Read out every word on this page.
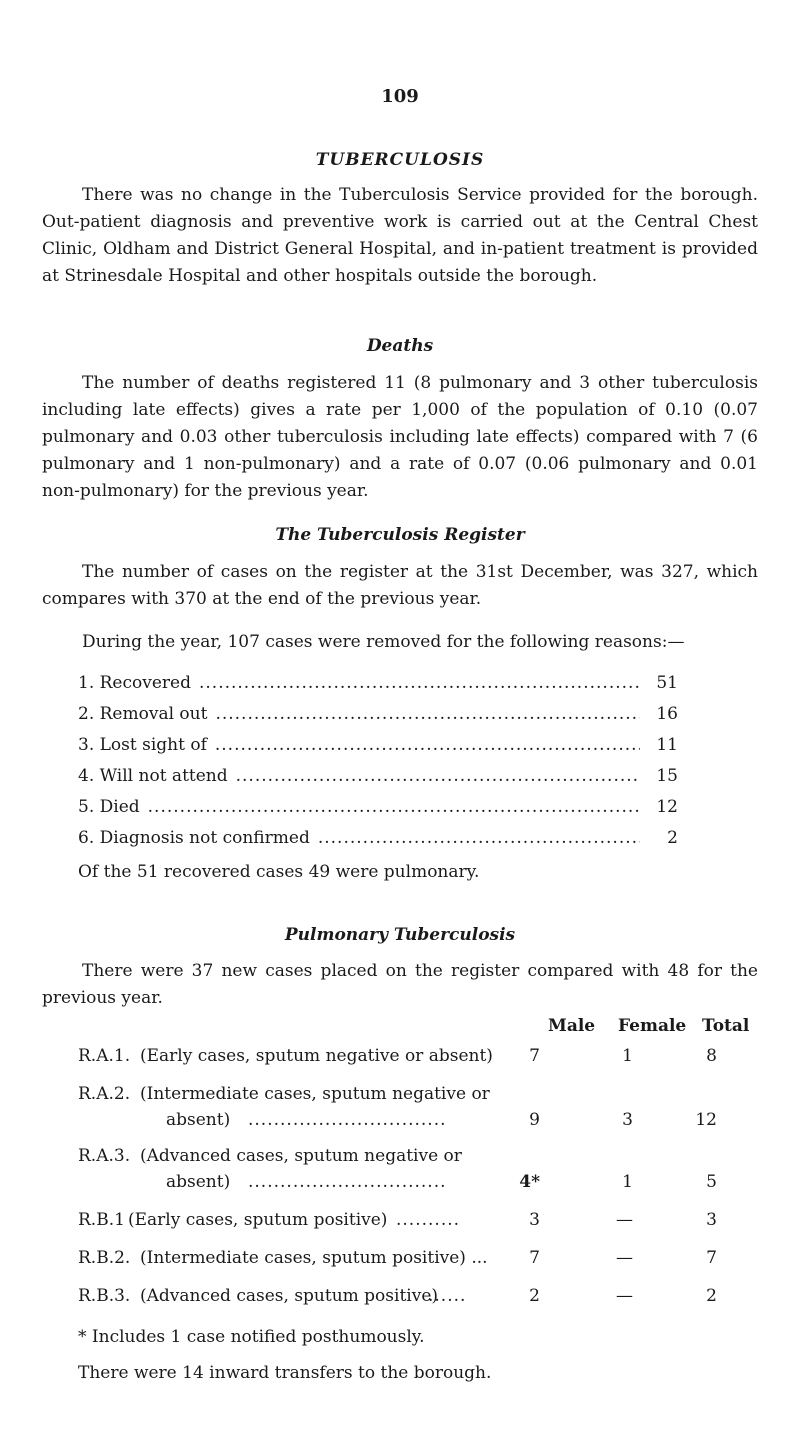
109
TUBERCULOSIS

There was no change in the Tuberculosis Service provided for the borough. Out-patient diagnosis and preventive work is carried out at the Central Chest Clinic, Oldham and District General Hospital, and in-patient treatment is provided at Strinesdale Hospital and other hospitals outside the borough.

Deaths

The number of deaths registered 11 (8 pulmonary and 3 other tuberculosis including late effects) gives a rate per 1,000 of the population of 0.10 (0.07 pulmonary and 0.03 other tuberculosis including late effects) compared with 7 (6 pulmonary and 1 non-pulmonary) and a rate of 0.07 (0.06 pulmonary and 0.01 non-pulmonary) for the previous year.

The Tuberculosis Register

The number of cases on the register at the 31st December, was 327, which compares with 370 at the end of the previous year.

During the year, 107 cases were removed for the following reasons:—

1. Recovered .....	51
2. Removal out .....	16
3. Lost sight of .....	11
4. Will not attend .....	15
5. Died .....	12
6. Diagnosis not confirmed .....	2
Of the 51 recovered cases 49 were pulmonary.
Pulmonary Tuberculosis

There were 37 new cases placed on the register compared with 48 for the previous year.

Male Female Total
R.A.1. (Early cases, sputum negative or absent)	7	1	8
R.A.2. (Intermediate cases, sputum negative or
absent) ...............................	9	3	12
R.A.3. (Advanced cases, sputum negative or
absent) ...............................	4*	1	5
R.B.1 (Early cases, sputum positive) ..........	3	—	3
R.B.2. (Intermediate cases, sputum positive) ...	7	—	7
R.B.3. (Advanced cases, sputum positive)
......	2	—	2
* Includes 1 case notified posthumously.
There were 14 inward transfers to the borough.
